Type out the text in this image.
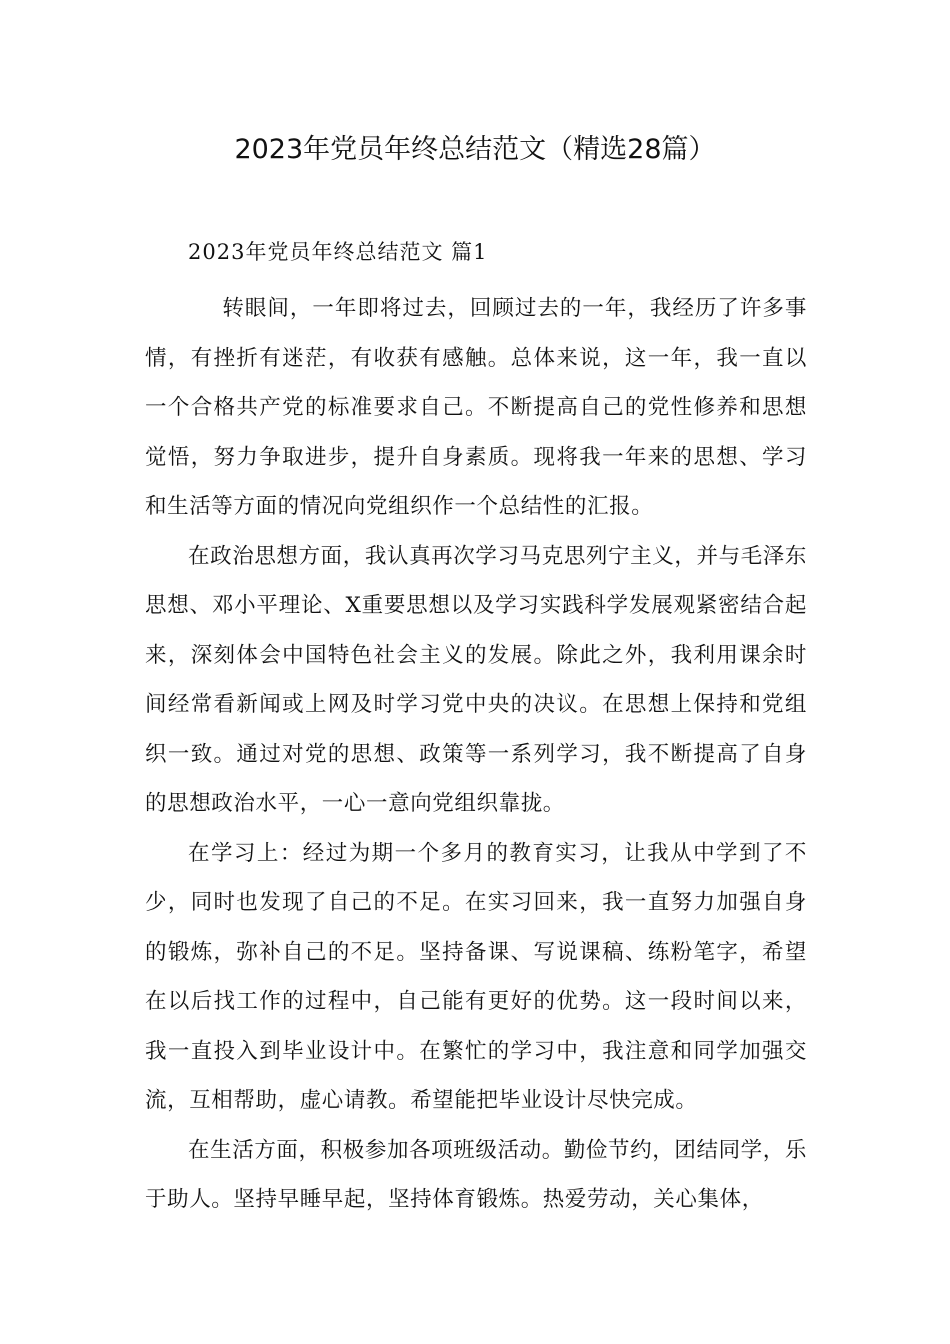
2023年党员年终总结范文（精选28篇）
2023年党员年终总结范文 篇1

转眼间，一年即将过去，回顾过去的一年，我经历了许多事情，有挫折有迷茫，有收获有感触。总体来说，这一年，我一直以一个合格共产党的标准要求自己。不断提高自己的党性修养和思想觉悟，努力争取进步，提升自身素质。现将我一年来的思想、学习和生活等方面的情况向党组织作一个总结性的汇报。

在政治思想方面，我认真再次学习马克思列宁主义，并与毛泽东思想、邓小平理论、X重要思想以及学习实践科学发展观紧密结合起来，深刻体会中国特色社会主义的发展。除此之外，我利用课余时间经常看新闻或上网及时学习党中央的决议。在思想上保持和党组织一致。通过对党的思想、政策等一系列学习，我不断提高了自身的思想政治水平，一心一意向党组织靠拢。

在学习上：经过为期一个多月的教育实习，让我从中学到了不少，同时也发现了自己的不足。在实习回来，我一直努力加强自身的锻炼，弥补自己的不足。坚持备课、写说课稿、练粉笔字，希望在以后找工作的过程中，自己能有更好的优势。这一段时间以来，我一直投入到毕业设计中。在繁忙的学习中，我注意和同学加强交流，互相帮助，虚心请教。希望能把毕业设计尽快完成。

在生活方面，积极参加各项班级活动。勤俭节约，团结同学，乐于助人。坚持早睡早起，坚持体育锻炼。热爱劳动，关心集体，
